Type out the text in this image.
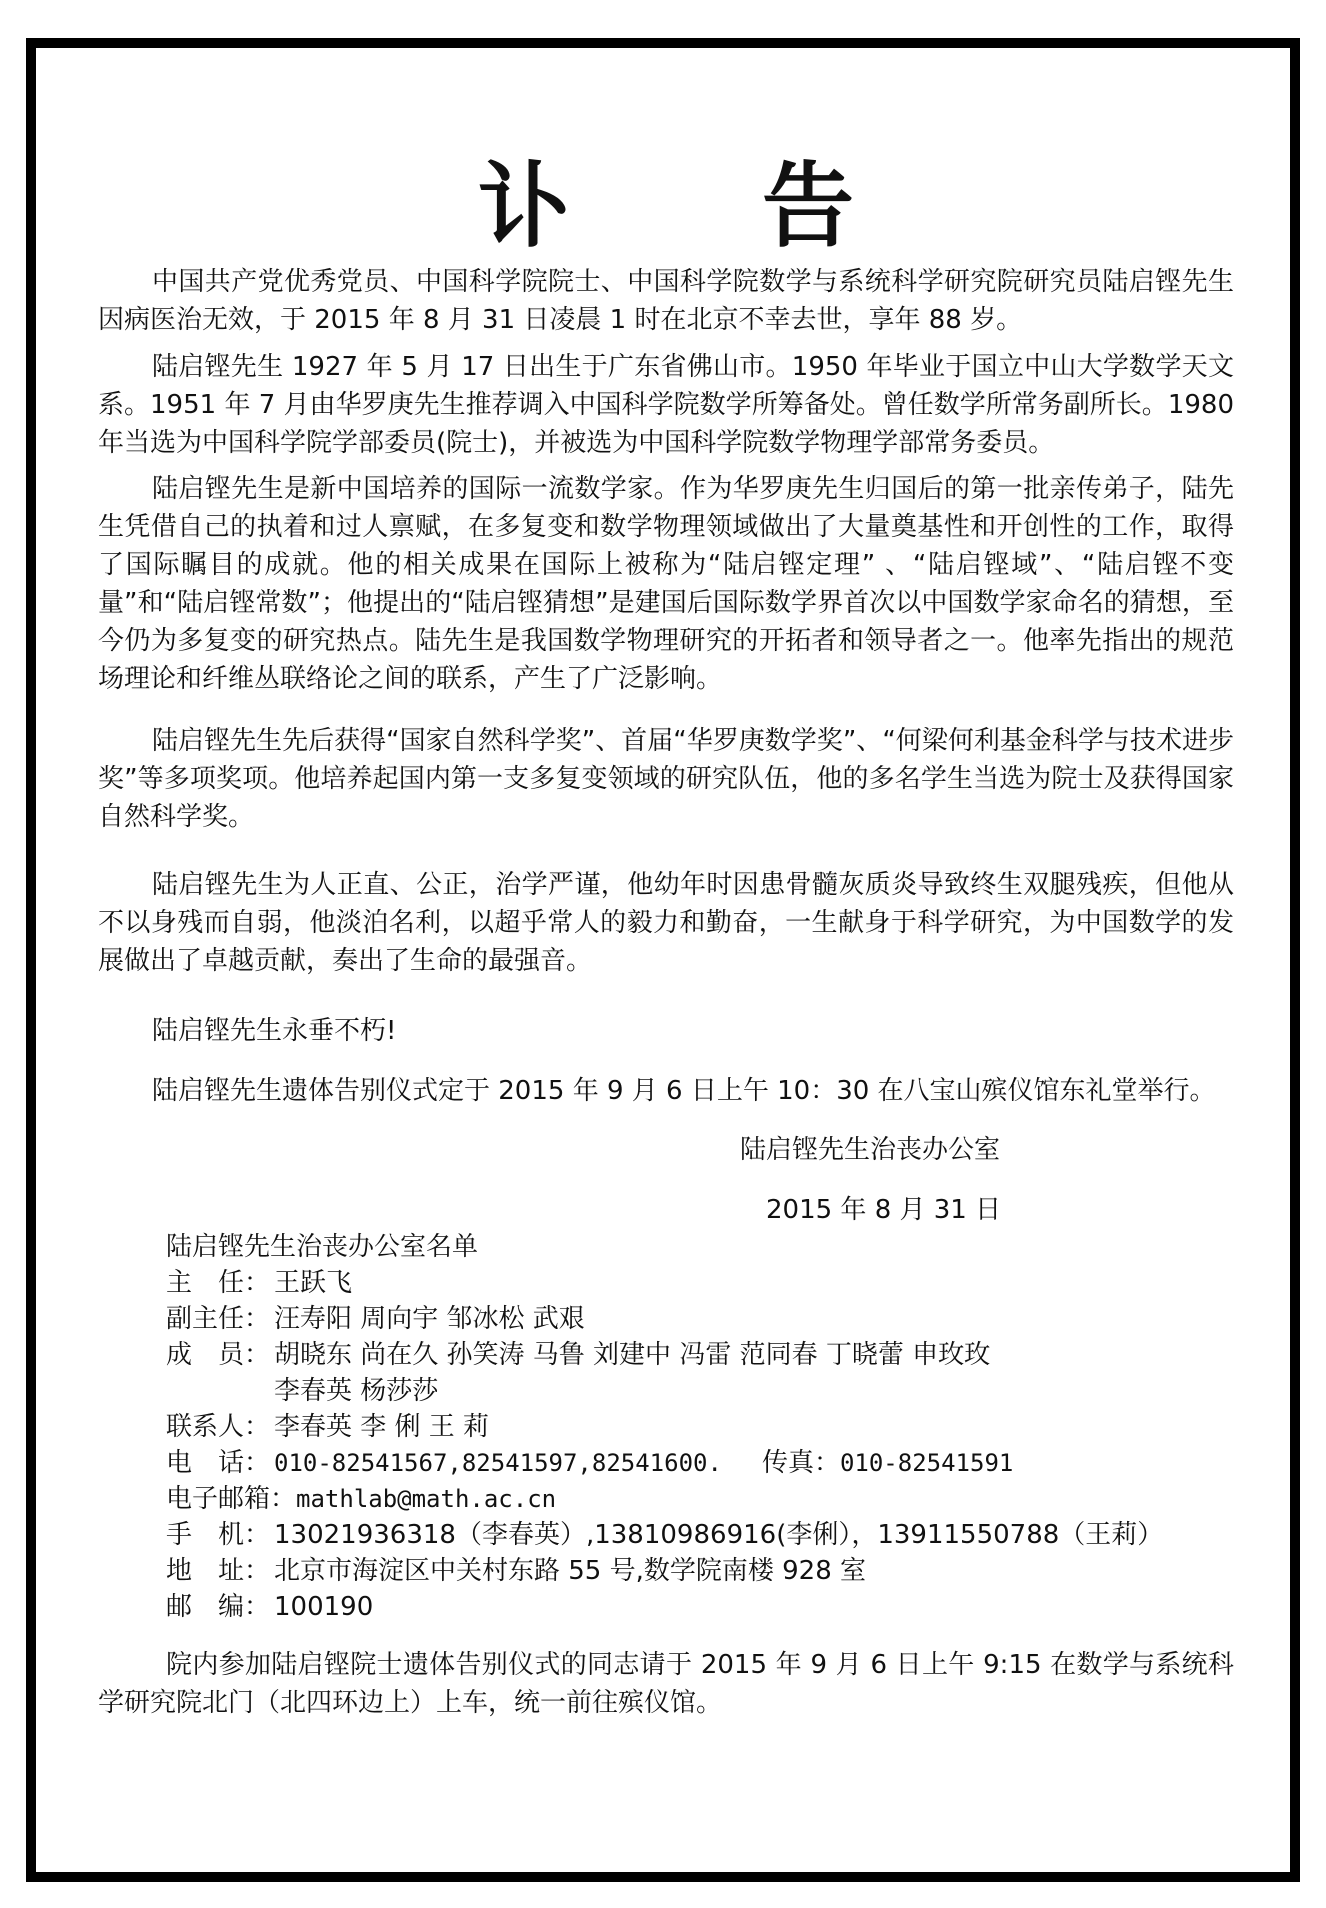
讣 告

中国共产党优秀党员、中国科学院院士、中国科学院数学与系统科学研究院研究员陆启铿先生因病医治无效，于 2015 年 8 月 31 日凌晨 1 时在北京不幸去世，享年 88 岁。

陆启铿先生 1927 年 5 月 17 日出生于广东省佛山市。1950 年毕业于国立中山大学数学天文系。1951 年 7 月由华罗庚先生推荐调入中国科学院数学所筹备处。曾任数学所常务副所长。1980 年当选为中国科学院学部委员(院士)，并被选为中国科学院数学物理学部常务委员。

陆启铿先生是新中国培养的国际一流数学家。作为华罗庚先生归国后的第一批亲传弟子，陆先生凭借自己的执着和过人禀赋，在多复变和数学物理领域做出了大量奠基性和开创性的工作，取得了国际瞩目的成就。他的相关成果在国际上被称为“陆启铿定理” 、“陆启铿域”、“陆启铿不变量”和“陆启铿常数”；他提出的“陆启铿猜想”是建国后国际数学界首次以中国数学家命名的猜想，至今仍为多复变的研究热点。陆先生是我国数学物理研究的开拓者和领导者之一。他率先指出的规范场理论和纤维丛联络论之间的联系，产生了广泛影响。

陆启铿先生先后获得“国家自然科学奖”、首届“华罗庚数学奖”、“何梁何利基金科学与技术进步奖”等多项奖项。他培养起国内第一支多复变领域的研究队伍，他的多名学生当选为院士及获得国家自然科学奖。

陆启铿先生为人正直、公正，治学严谨，他幼年时因患骨髓灰质炎导致终生双腿残疾，但他从不以身残而自弱，他淡泊名利，以超乎常人的毅力和勤奋，一生献身于科学研究，为中国数学的发展做出了卓越贡献，奏出了生命的最强音。

陆启铿先生永垂不朽!

陆启铿先生遗体告别仪式定于 2015 年 9 月 6 日上午 10：30 在八宝山殡仪馆东礼堂举行。

陆启铿先生治丧办公室
2015 年 8 月 31 日
陆启铿先生治丧办公室名单
主　任： 王跃飞
副主任： 汪寿阳 周向宇 邹冰松 武艰
成　员： 胡晓东 尚在久 孙笑涛 马鲁 刘建中 冯雷 范同春 丁晓蕾 申玫玫
李春英 杨莎莎
联系人： 李春英 李 俐 王 莉
电　话： 010-82541567,82541597,82541600. 传真：010-82541591
电子邮箱：mathlab@math.ac.cn
手　机： 13021936318（李春英）,13810986916(李俐），13911550788（王莉）
地　址： 北京市海淀区中关村东路 55 号,数学院南楼 928 室
邮　编： 100190

院内参加陆启铿院士遗体告别仪式的同志请于 2015 年 9 月 6 日上午 9:15 在数学与系统科学研究院北门（北四环边上）上车，统一前往殡仪馆。
